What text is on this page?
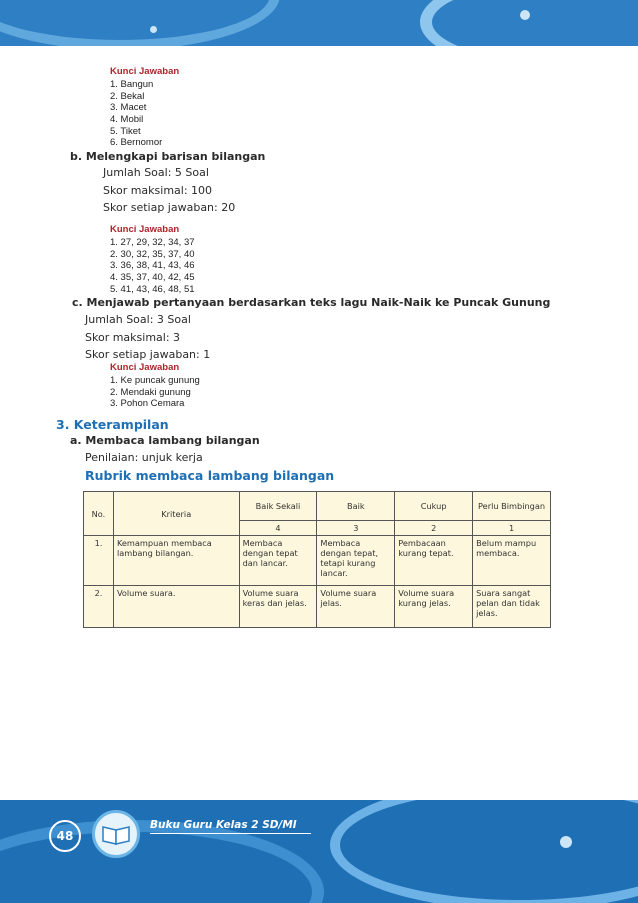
Kunci Jawaban
1. Bangun
2. Bekal
3. Macet
4. Mobil
5. Tiket
6. Bernomor
b. Melengkapi barisan bilangan
Jumlah Soal: 5 Soal
Skor maksimal: 100
Skor setiap jawaban: 20
Kunci Jawaban
1. 27, 29, 32, 34, 37
2. 30, 32, 35, 37, 40
3. 36, 38, 41, 43, 46
4. 35, 37, 40, 42, 45
5. 41, 43, 46, 48, 51
c. Menjawab pertanyaan berdasarkan teks lagu Naik-Naik ke Puncak Gunung
Jumlah Soal: 3 Soal
Skor maksimal: 3
Skor setiap jawaban: 1
Kunci Jawaban
1. Ke puncak gunung
2. Mendaki gunung
3. Pohon Cemara
3. Keterampilan
a. Membaca lambang bilangan
Penilaian: unjuk kerja
Rubrik membaca lambang bilangan
No.	Kriteria	Baik Sekali	Baik	Cukup	Perlu Bimbingan
		4	3	2	1
1.	Kemampuan membaca lambang bilangan.	Membaca dengan tepat dan lancar.	Membaca dengan tepat, tetapi kurang lancar.	Pembacaan kurang tepat.	Belum mampu membaca.
2.	Volume suara.	Volume suara keras dan jelas.	Volume suara jelas.	Volume suara kurang jelas.	Suara sangat pelan dan tidak jelas.
48
Buku Guru Kelas 2 SD/MI
